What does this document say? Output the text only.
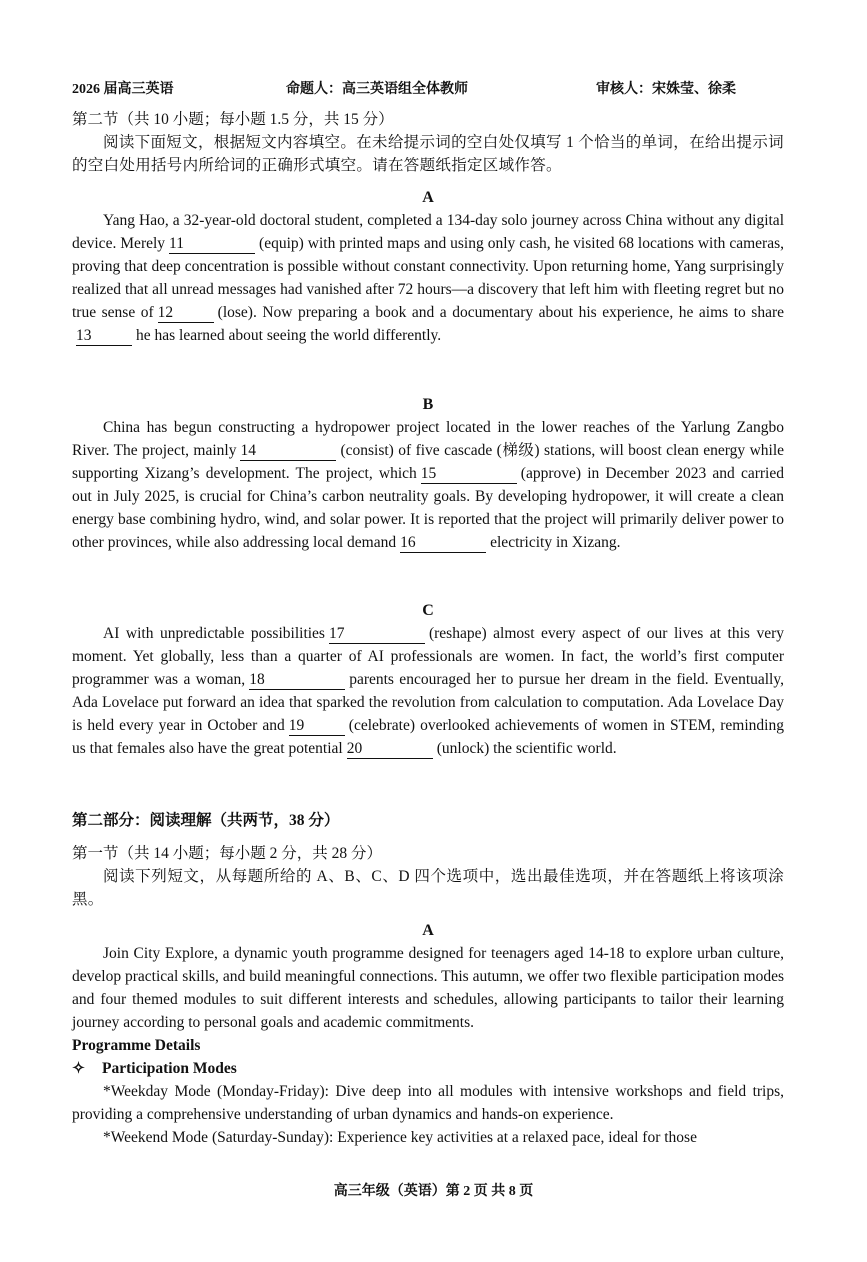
2026 届高三英语	命题人：高三英语组全体教师	审核人：宋姝莹、徐柔

第二节（共 10 小题；每小题 1.5 分，共 15 分）

阅读下面短文，根据短文内容填空。在未给提示词的空白处仅填写 1 个恰当的单词，在给出提示词的空白处用括号内所给词的正确形式填空。请在答题纸指定区域作答。

A

Yang Hao, a 32-year-old doctoral student, completed a 134-day solo journey across China without any digital device. Merely 11	(equip) with printed maps and using only cash, he visited 68 locations with cameras, proving that deep concentration is possible without constant connectivity. Upon returning home, Yang surprisingly realized that all unread messages had vanished after 72 hours—a discovery that left him with fleeting regret but no true sense of 12	(lose). Now preparing a book and a documentary about his experience, he aims to share13	he has learned about seeing the world differently.

B

China has begun constructing a hydropower project located in the lower reaches of the Yarlung Zangbo River. The project, mainly 14	(consist) of five cascade (梯级) stations, will boost clean energy while supporting Xizang’s development. The project, which 15	(approve) in December 2023 and carried out in July 2025, is crucial for China’s carbon neutrality goals. By developing hydropower, it will create a clean energy base combining hydro, wind, and solar power. It is reported that the project will primarily deliver power to other provinces, while also addressing local demand 16	electricity in Xizang.

C

AI with unpredictable possibilities 17	(reshape) almost every aspect of our lives at this very moment. Yet globally, less than a quarter of AI professionals are women. In fact, the world’s first computer programmer was a woman, 18	parents encouraged her to pursue her dream in the field. Eventually, Ada Lovelace put forward an idea that sparked the revolution from calculation to computation. Ada Lovelace Day is held every year in October and 19	(celebrate) overlooked achievements of women in STEM, reminding us that females also have the great potential 20	(unlock) the scientific world.

第二部分：阅读理解（共两节，38 分）

第一节（共 14 小题；每小题 2 分，共 28 分）

阅读下列短文，从每题所给的 A、B、C、D 四个选项中，选出最佳选项，并在答题纸上将该项涂黑。

A

Join City Explore, a dynamic youth programme designed for teenagers aged 14-18 to explore urban culture, develop practical skills, and build meaningful connections. This autumn, we offer two flexible participation modes and four themed modules to suit different interests and schedules, allowing participants to tailor their learning journey according to personal goals and academic commitments.

Programme Details

✧ Participation Modes

*Weekday Mode (Monday-Friday): Dive deep into all modules with intensive workshops and field trips, providing a comprehensive understanding of urban dynamics and hands-on experience.

*Weekend Mode (Saturday-Sunday): Experience key activities at a relaxed pace, ideal for those

高三年级（英语）第 2 页 共 8 页
